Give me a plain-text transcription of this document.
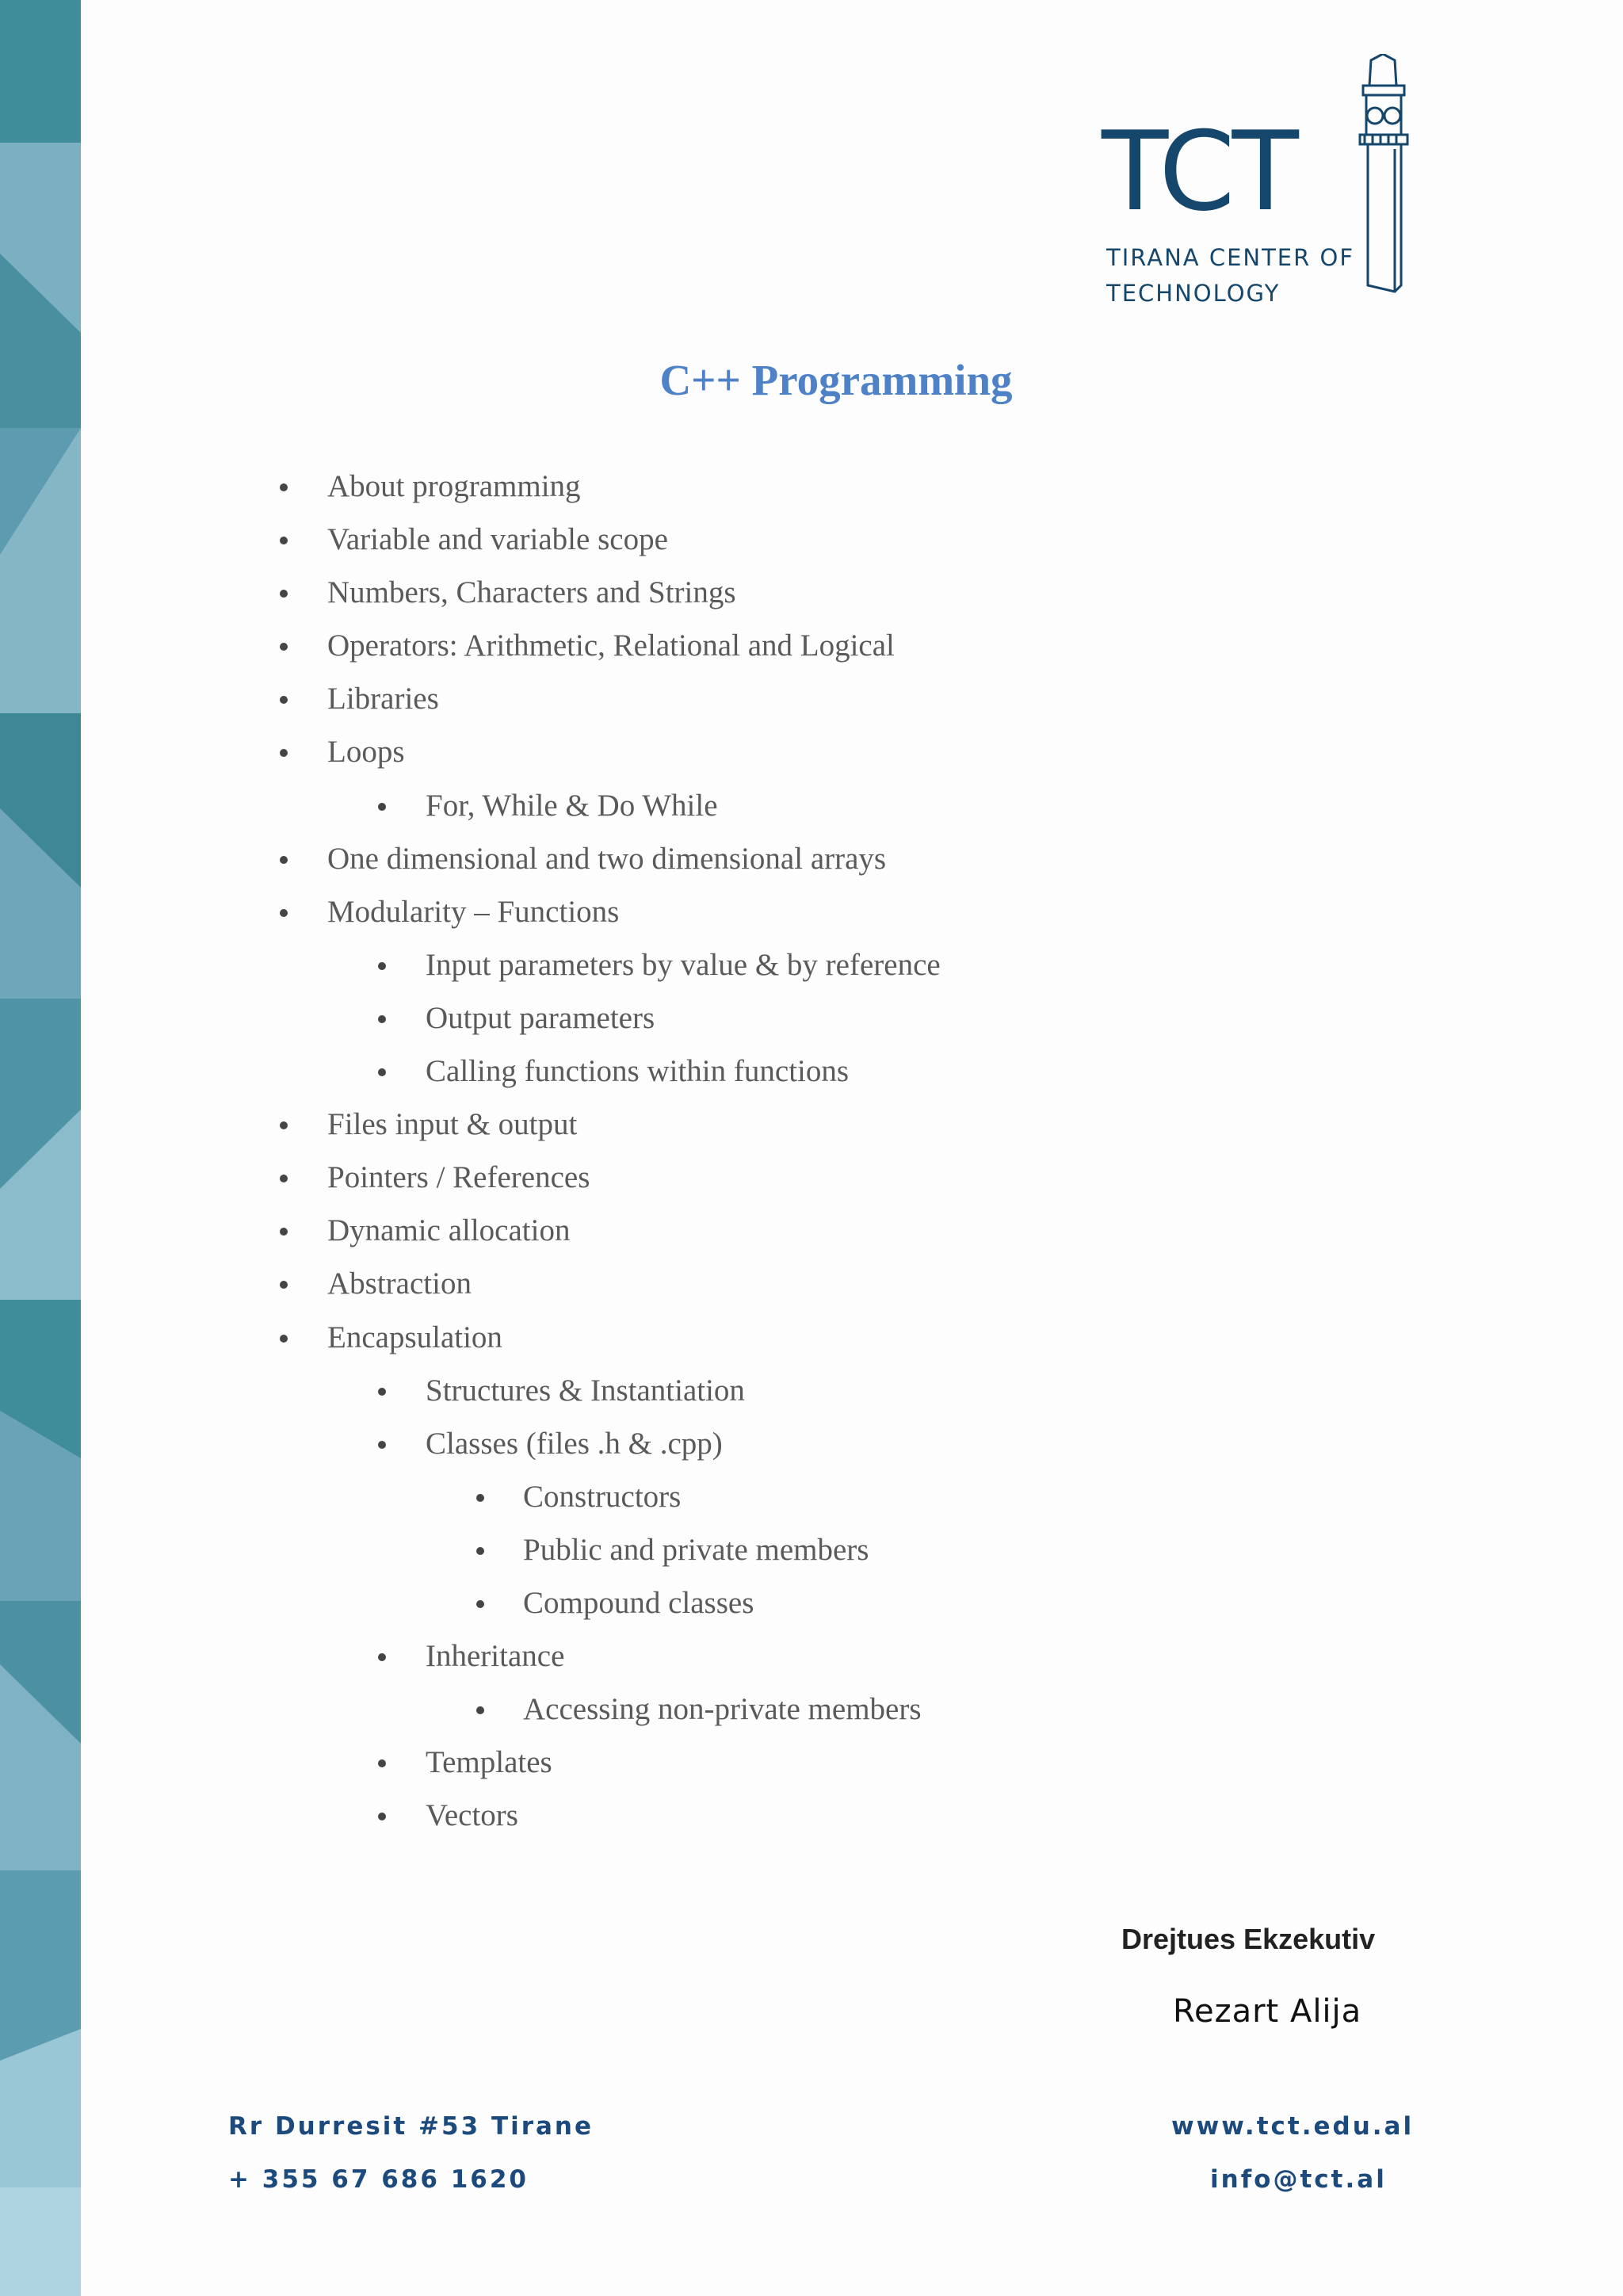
TCT
TIRANA CENTER OF
TECHNOLOGY
C++ Programming
About programming
Variable and variable scope
Numbers, Characters and Strings
Operators: Arithmetic, Relational and Logical
Libraries
Loops
For, While & Do While
One dimensional and two dimensional arrays
Modularity – Functions
Input parameters by value & by reference
Output parameters
Calling functions within functions
Files input & output
Pointers / References
Dynamic allocation
Abstraction
Encapsulation
Structures & Instantiation
Classes (files .h & .cpp)
Constructors
Public and private members
Compound classes
Inheritance
Accessing non-private members
Templates
Vectors
Drejtues Ekzekutiv
Rezart Alija
Rr Durresit #53 Tirane
+ 355 67 686 1620
www.tct.edu.al
info@tct.al
